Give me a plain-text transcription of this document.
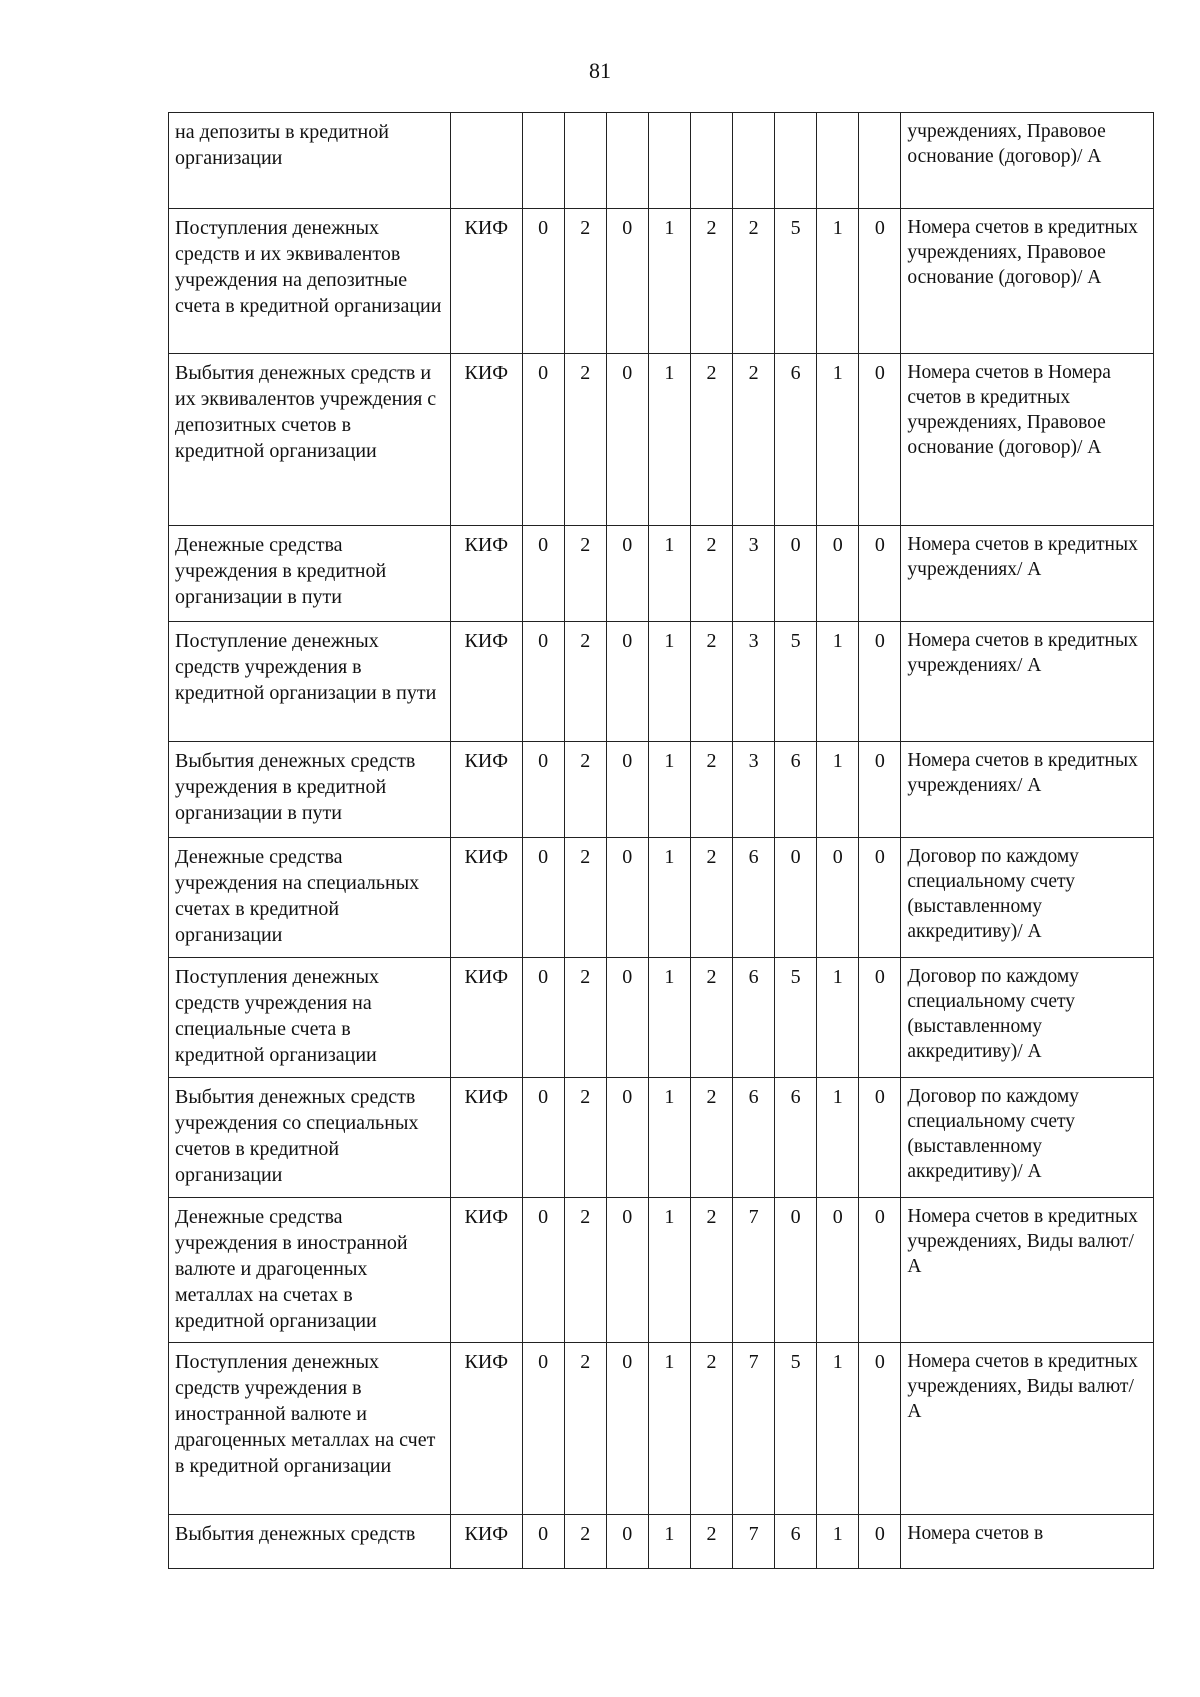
81
на депозиты в кредитной организации											учреждениях, Правовое основание (договор)/ А
Поступления денежных средств и их эквивалентов учреждения на депозитные счета в кредитной организации	КИФ	0	2	0	1	2	2	5	1	0	Номера счетов в кредитных учреждениях, Правовое основание (договор)/ А
Выбытия денежных средств и их эквивалентов учреждения с депозитных счетов в кредитной организации	КИФ	0	2	0	1	2	2	6	1	0	Номера счетов в Номера счетов в кредитных учреждениях, Правовое основание (договор)/ А
Денежные средства учреждения в кредитной организации в пути	КИФ	0	2	0	1	2	3	0	0	0	Номера счетов в кредитных учреждениях/ А
Поступление денежных средств учреждения в кредитной организации в пути	КИФ	0	2	0	1	2	3	5	1	0	Номера счетов в кредитных учреждениях/ А
Выбытия денежных средств учреждения в кредитной организации в пути	КИФ	0	2	0	1	2	3	6	1	0	Номера счетов в кредитных учреждениях/ А
Денежные средства учреждения на специальных счетах в кредитной организации	КИФ	0	2	0	1	2	6	0	0	0	Договор по каждому специальному счету (выставленному аккредитиву)/ А
Поступления денежных средств учреждения на специальные счета в кредитной организации	КИФ	0	2	0	1	2	6	5	1	0	Договор по каждому специальному счету (выставленному аккредитиву)/ А
Выбытия денежных средств учреждения со специальных счетов в кредитной организации	КИФ	0	2	0	1	2	6	6	1	0	Договор по каждому специальному счету (выставленному аккредитиву)/ А
Денежные средства учреждения в иностранной валюте и драгоценных металлах на счетах в кредитной организации	КИФ	0	2	0	1	2	7	0	0	0	Номера счетов в кредитных учреждениях, Виды валют/ А
Поступления денежных средств учреждения в иностранной валюте и драгоценных металлах на счет в кредитной организации	КИФ	0	2	0	1	2	7	5	1	0	Номера счетов в кредитных учреждениях, Виды валют/ А
Выбытия денежных средств	КИФ	0	2	0	1	2	7	6	1	0	Номера счетов в
